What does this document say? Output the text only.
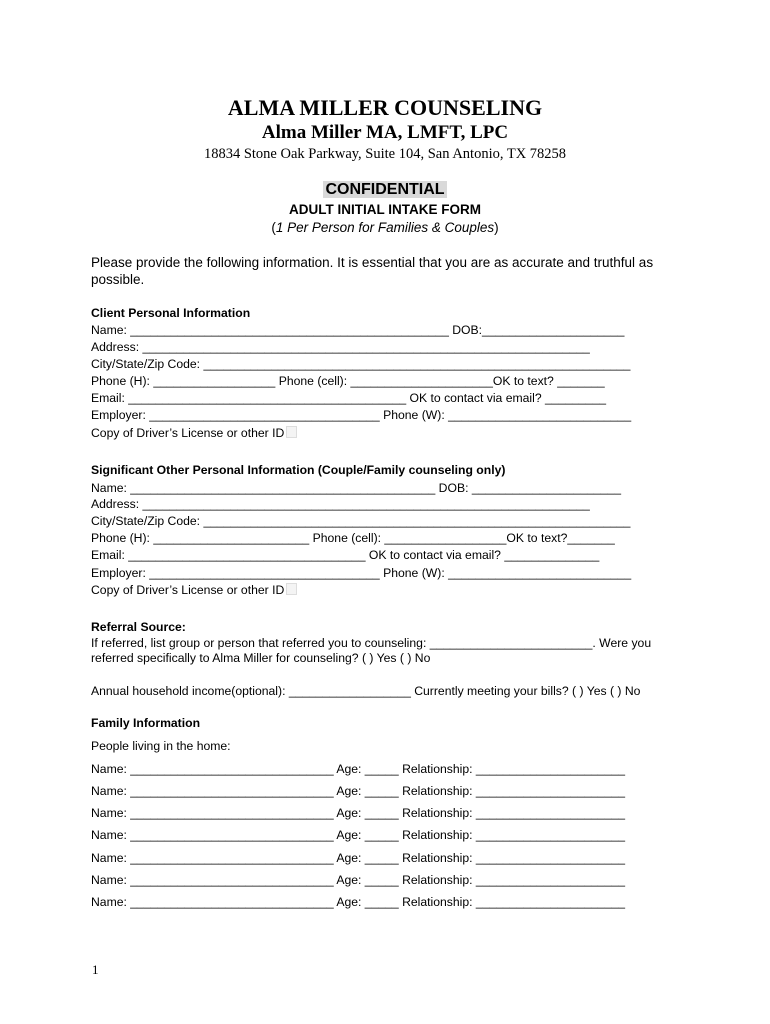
ALMA MILLER COUNSELING
Alma Miller MA, LMFT, LPC
18834 Stone Oak Parkway, Suite 104, San Antonio, TX 78258
CONFIDENTIAL
ADULT INITIAL INTAKE FORM
(1 Per Person for Families & Couples)
Please provide the following information. It is essential that you are as accurate and truthful as
possible.
Client Personal Information
Name: _______________________________________________ DOB:_____________________
Address: __________________________________________________________________
City/State/Zip Code: _______________________________________________________________
Phone (H): __________________ Phone (cell): _____________________OK to text? _______
Email: _________________________________________ OK to contact via email? _________
Employer: __________________________________ Phone (W): ___________________________
Copy of Driver’s License or other ID
Significant Other Personal Information (Couple/Family counseling only)
Name: _____________________________________________ DOB: ______________________
Address: __________________________________________________________________
City/State/Zip Code: _______________________________________________________________
Phone (H): _______________________ Phone (cell): __________________OK to text?_______
Email: ___________________________________ OK to contact via email? ______________
Employer: __________________________________ Phone (W): ___________________________
Copy of Driver’s License or other ID
Referral Source:
If referred, list group or person that referred you to counseling: ________________________. Were you
referred specifically to Alma Miller for counseling? ( ) Yes ( ) No
Annual household income(optional): __________________ Currently meeting your bills? ( ) Yes ( ) No
Family Information
People living in the home:
Name: ______________________________ Age: _____ Relationship: ______________________
Name: ______________________________ Age: _____ Relationship: ______________________
Name: ______________________________ Age: _____ Relationship: ______________________
Name: ______________________________ Age: _____ Relationship: ______________________
Name: ______________________________ Age: _____ Relationship: ______________________
Name: ______________________________ Age: _____ Relationship: ______________________
Name: ______________________________ Age: _____ Relationship: ______________________
1
